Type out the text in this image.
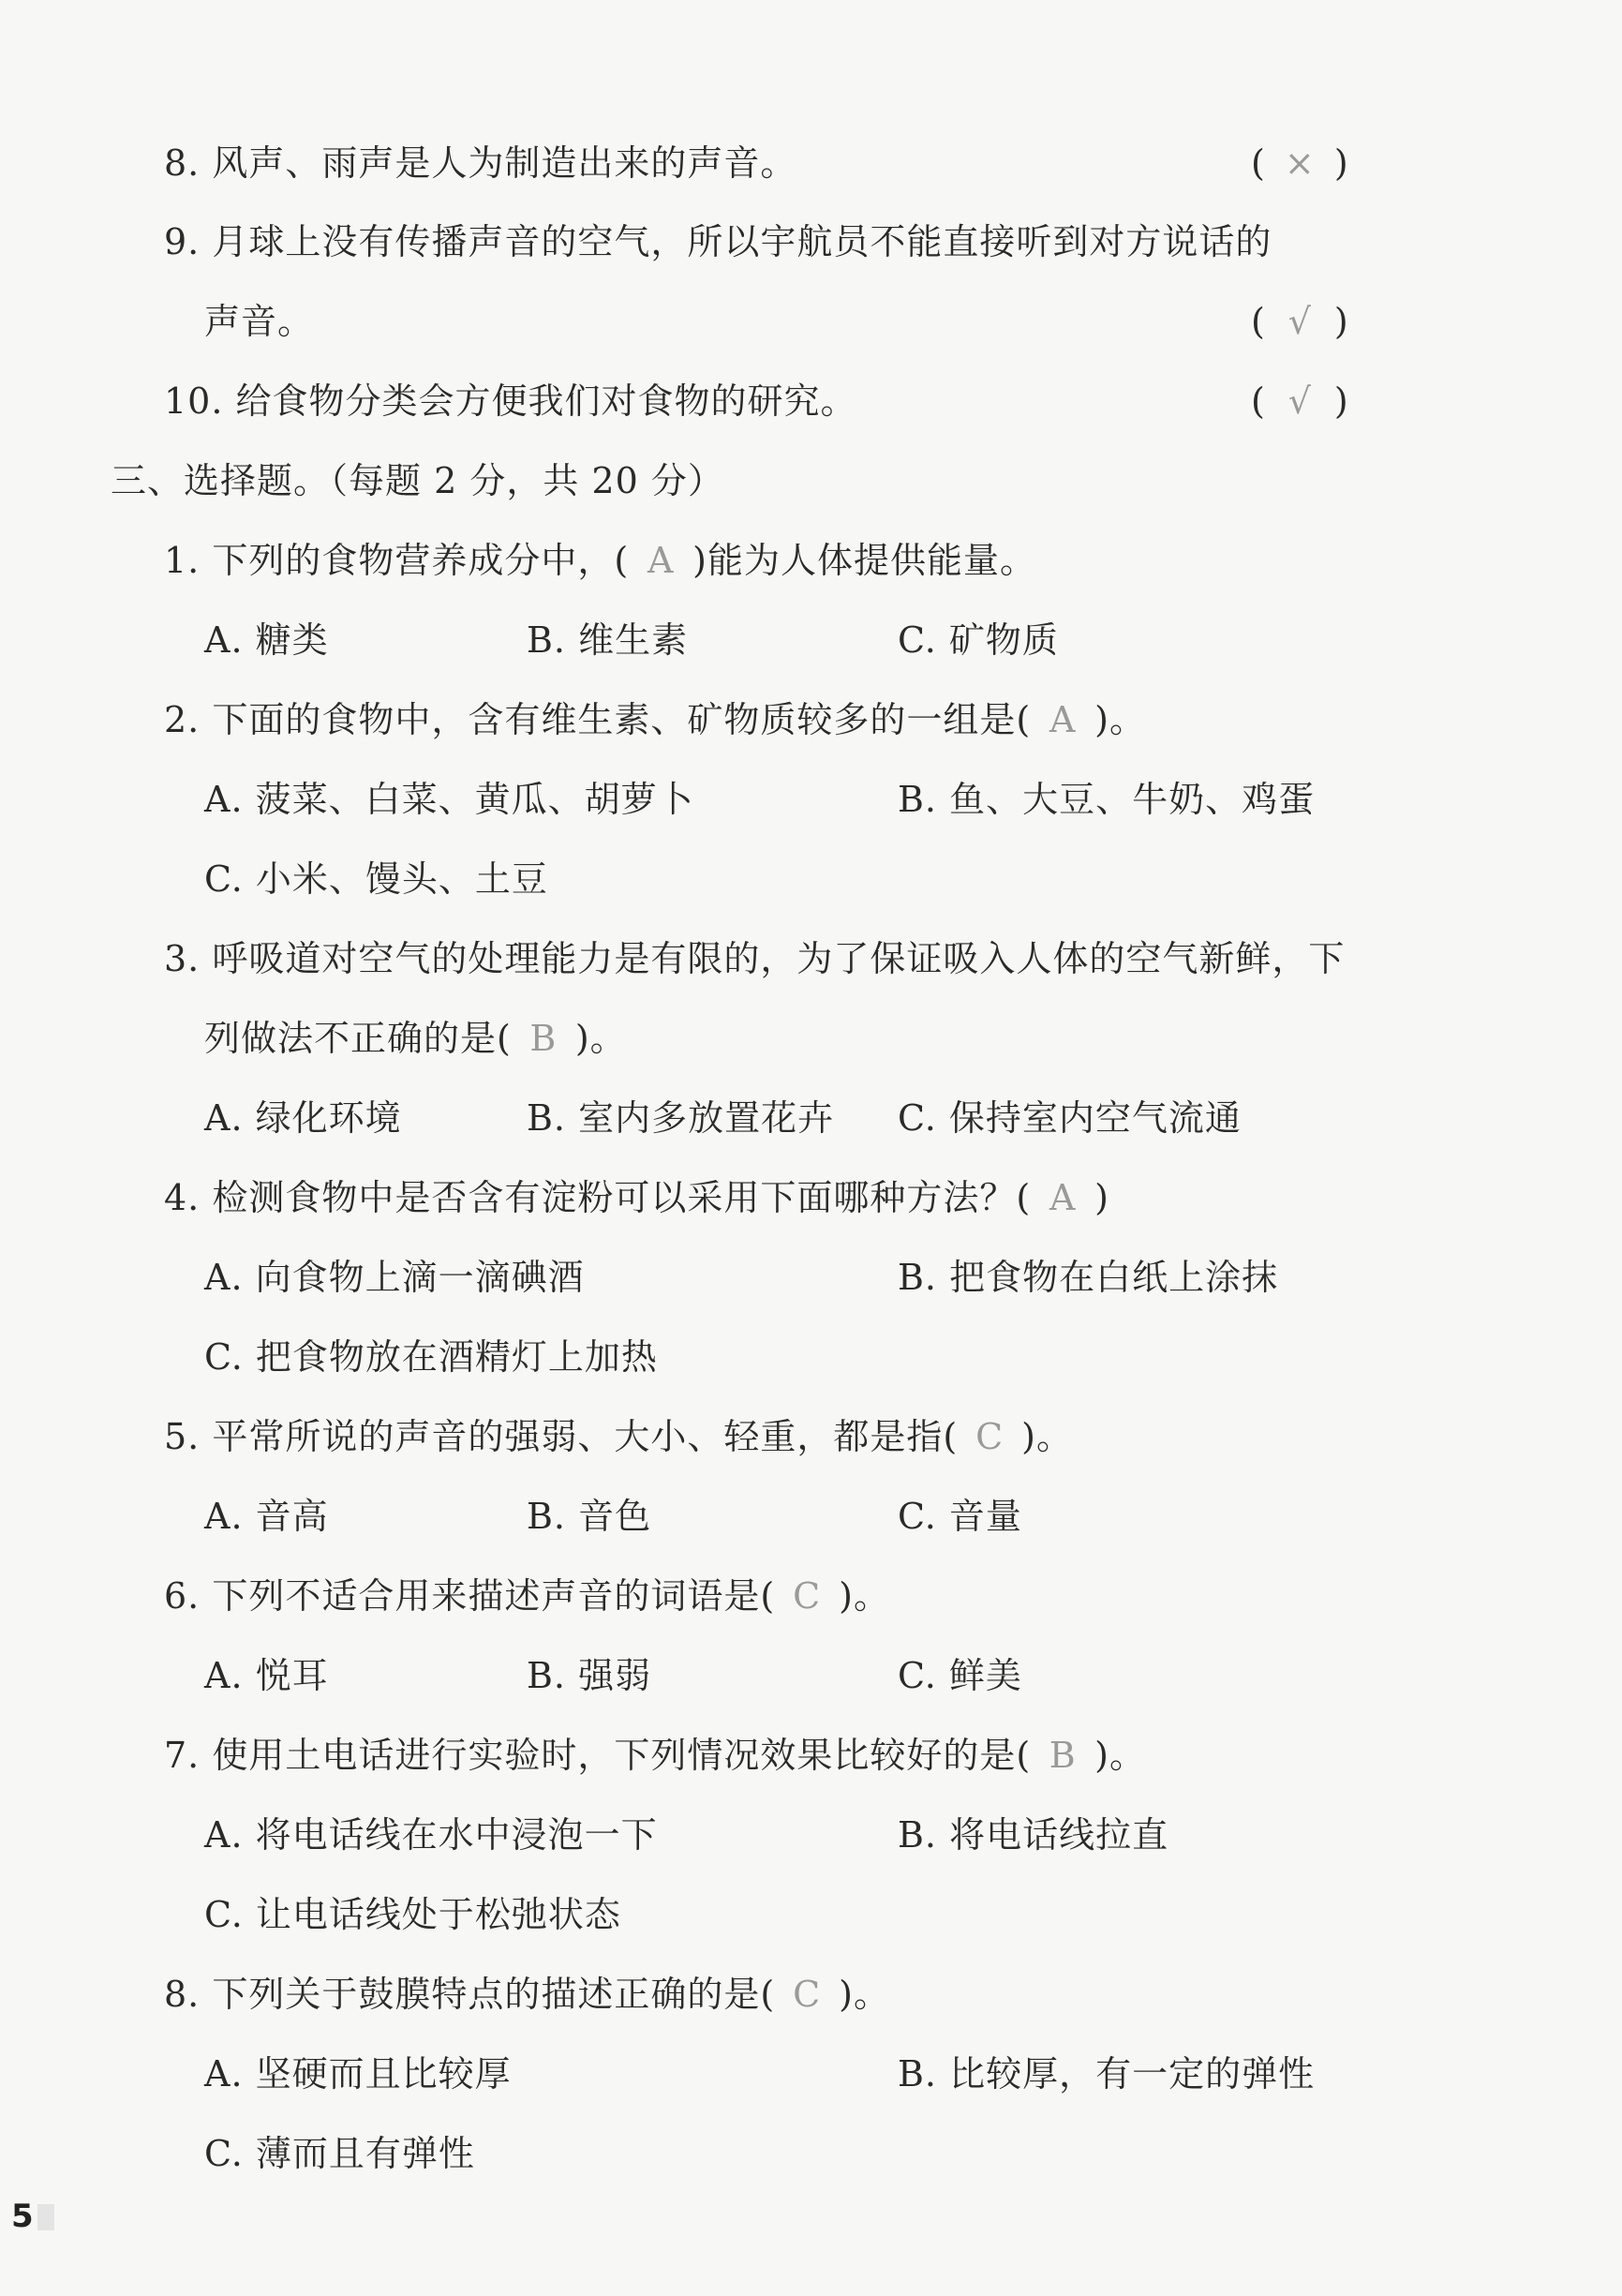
8. 风声、雨声是人为制造出来的声音。	( × )
9. 月球上没有传播声音的空气，所以宇航员不能直接听到对方说话的
声音。	( √ )
10. 给食物分类会方便我们对食物的研究。	( √ )
三、选择题。（每题 2 分，共 20 分）
1. 下列的食物营养成分中，( A )能为人体提供能量。
A. 糖类	B. 维生素	C. 矿物质
2. 下面的食物中，含有维生素、矿物质较多的一组是( A )。
A. 菠菜、白菜、黄瓜、胡萝卜	B. 鱼、大豆、牛奶、鸡蛋
C. 小米、馒头、土豆
3. 呼吸道对空气的处理能力是有限的，为了保证吸入人体的空气新鲜，下
列做法不正确的是( B )。
A. 绿化环境	B. 室内多放置花卉 C. 保持室内空气流通
4. 检测食物中是否含有淀粉可以采用下面哪种方法？( A )
A. 向食物上滴一滴碘酒	B. 把食物在白纸上涂抹
C. 把食物放在酒精灯上加热
5. 平常所说的声音的强弱、大小、轻重，都是指( C )。
A. 音高	B. 音色	C. 音量
6. 下列不适合用来描述声音的词语是( C )。
A. 悦耳	B. 强弱	C. 鲜美
7. 使用土电话进行实验时，下列情况效果比较好的是( B )。
A. 将电话线在水中浸泡一下	B. 将电话线拉直
C. 让电话线处于松弛状态
8. 下列关于鼓膜特点的描述正确的是( C )。
A. 坚硬而且比较厚	B. 比较厚，有一定的弹性
C. 薄而且有弹性
5
